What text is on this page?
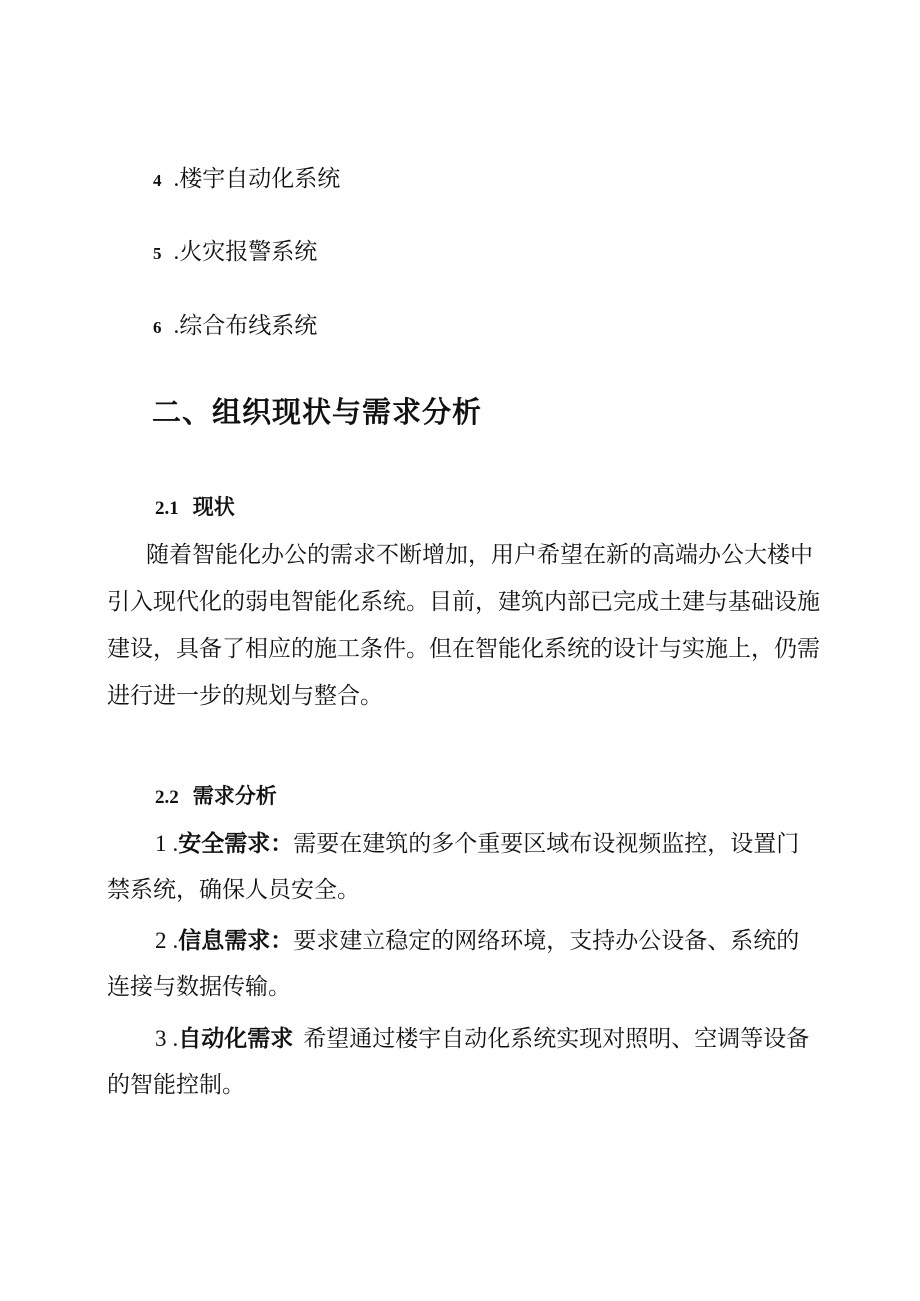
4 .楼宇自动化系统
5 .火灾报警系统
6 .综合布线系统
二、组织现状与需求分析
2.1 现状
随着智能化办公的需求不断增加，用户希望在新的高端办公大楼中
引入现代化的弱电智能化系统。目前，建筑内部已完成土建与基础设施
建设，具备了相应的施工条件。但在智能化系统的设计与实施上，仍需
进行进一步的规划与整合。
2.2 需求分析
1 .安全需求：需要在建筑的多个重要区域布设视频监控，设置门
禁系统，确保人员安全。
2 .信息需求：要求建立稳定的网络环境，支持办公设备、系统的
连接与数据传输。
3 .自动化需求 希望通过楼宇自动化系统实现对照明、空调等设备
的智能控制。
